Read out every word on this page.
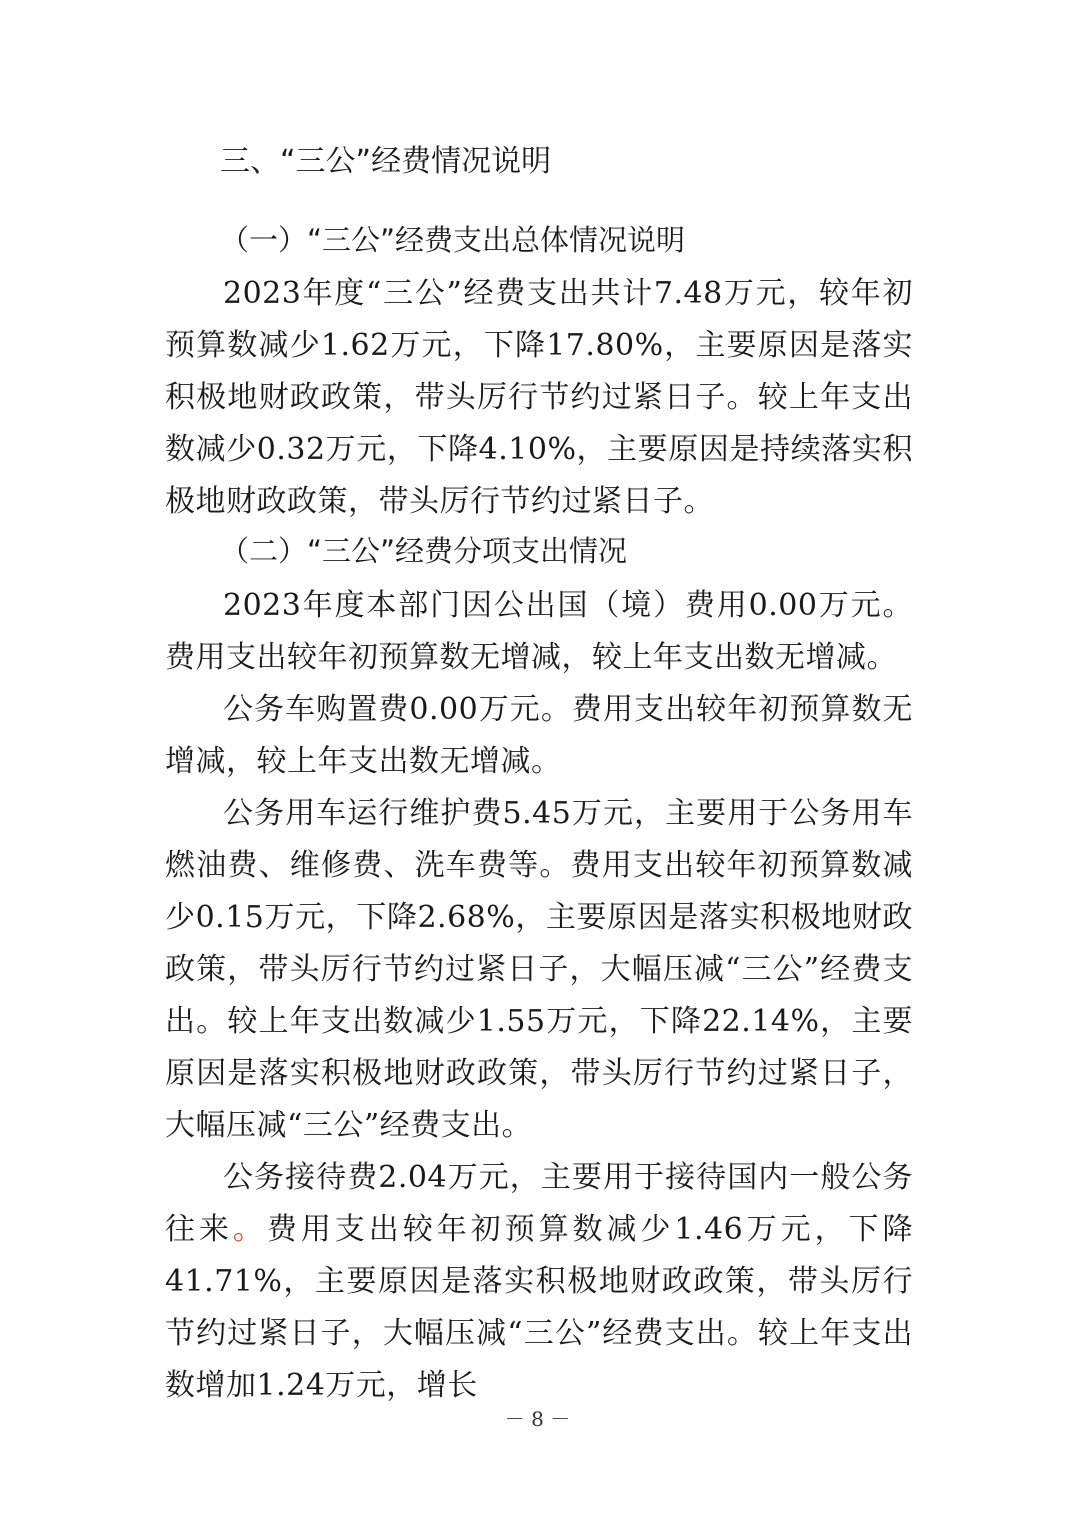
三、“三公”经费情况说明
（一）“三公”经费支出总体情况说明
2023年度“三公”经费支出共计7.48万元，较年初预算数减少1.62万元，下降17.80%，主要原因是落实积极地财政政策，带头厉行节约过紧日子。较上年支出数减少0.32万元，下降4.10%，主要原因是持续落实积极地财政政策，带头厉行节约过紧日子。
（二）“三公”经费分项支出情况
2023年度本部门因公出国（境）费用0.00万元。费用支出较年初预算数无增减，较上年支出数无增减。
公务车购置费0.00万元。费用支出较年初预算数无增减，较上年支出数无增减。
公务用车运行维护费5.45万元，主要用于公务用车燃油费、维修费、洗车费等。费用支出较年初预算数减少0.15万元，下降2.68%，主要原因是落实积极地财政政策，带头厉行节约过紧日子，大幅压减“三公”经费支出。较上年支出数减少1.55万元，下降22.14%，主要原因是落实积极地财政政策，带头厉行节约过紧日子，大幅压减“三公”经费支出。
公务接待费2.04万元，主要用于接待国内一般公务往来。费用支出较年初预算数减少1.46万元，下降41.71%，主要原因是落实积极地财政政策，带头厉行节约过紧日子，大幅压减“三公”经费支出。较上年支出数增加1.24万元，增长
－ 8 －
